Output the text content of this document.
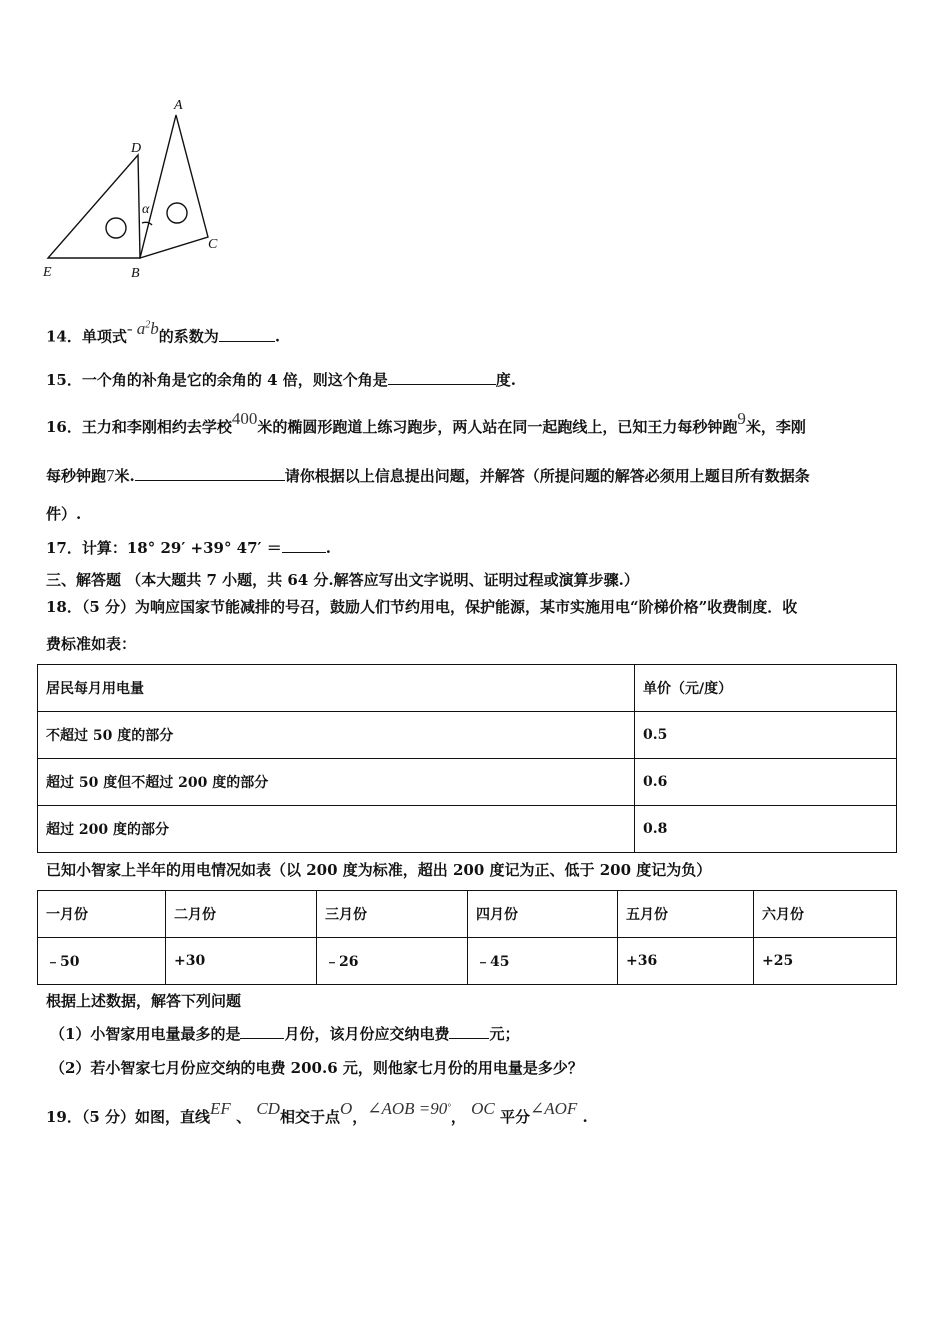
A
D
α
E	B
C
14．单项式- $a^2b$的系数为	.
15．一个角的补角是它的余角的 4 倍，则这个角是	度.
16．王力和李刚相约去学校400米的椭圆形跑道上练习跑步，两人站在同一起跑线上，已知王力每秒钟跑9米，李刚
每秒钟跑7米.	请你根据以上信息提出问题，并解答（所提问题的解答必须用上题目所有数据条
件）.
17．计算：18° 29′ +39° 47′ ＝	.
三、解答题 （本大题共 7 小题，共 64 分.解答应写出文字说明、证明过程或演算步骤.）
18．（5 分）为响应国家节能减排的号召，鼓励人们节约用电，保护能源，某市实施用电“阶梯价格”收费制度．收
费标准如表：
居民每月用电量	单价（元/度）
不超过 50 度的部分	0.5
超过 50 度但不超过 200 度的部分	0.6
超过 200 度的部分	0.8
已知小智家上半年的用电情况如表（以 200 度为标准，超出 200 度记为正、低于 200 度记为负）
一月份	二月份	三月份	四月份	五月份	六月份
﹣50	+30	﹣26	﹣45	+36	+25
根据上述数据，解答下列问题
（1）小智家用电量最多的是	月份，该月份应交纳电费	元；
（2）若小智家七月份应交纳的电费 200.6 元，则他家七月份的用电量是多少？
19．（5 分）如图，直线EF 、 CD相交于点O，∠AOB =90°， OC 平分∠AOF .
